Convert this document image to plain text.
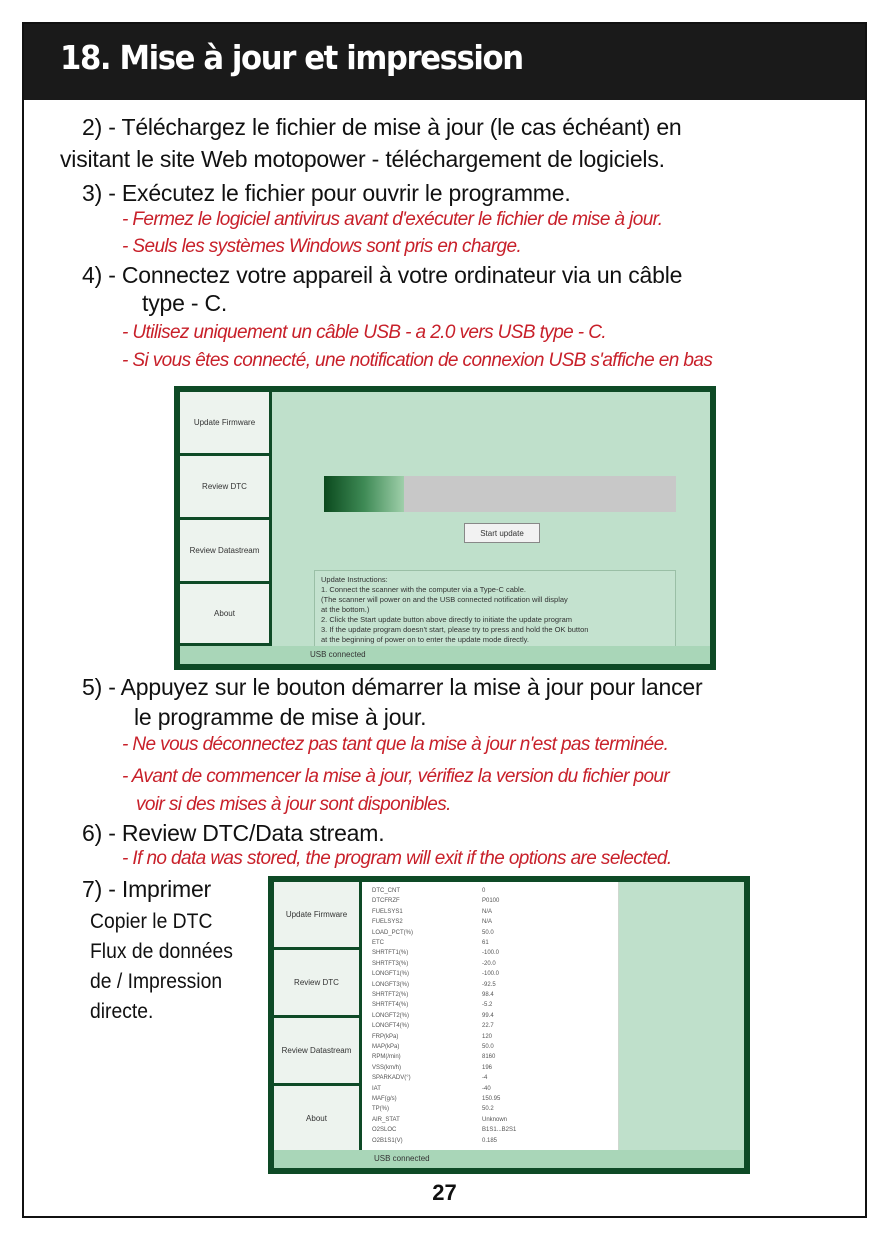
18. Mise à jour et impression
2) - Téléchargez le fichier de mise à jour (le cas échéant) en
visitant le site Web motopower - téléchargement de logiciels.
3) - Exécutez le fichier pour ouvrir le programme.
- Fermez le logiciel antivirus avant d'exécuter le fichier de mise à jour.
- Seuls les systèmes Windows sont pris en charge.
4) - Connectez votre appareil à votre ordinateur via un câble
type - C.
- Utilisez uniquement un câble USB - a 2.0 vers USB type - C.
- Si vous êtes connecté, une notification de connexion USB s'affiche en bas
Update Firmware
Review DTC
Review Datastream
About
Start update
Update Instructions:
1. Connect the scanner with the computer via a Type-C cable.
(The scanner will power on and the USB connected notification will display
at the bottom.)
2. Click the Start update button above directly to initiate the update program
3. If the update program doesn't start, please try to press and hold the OK button
at the beginning of power on to enter the update mode directly.
USB connected
5) - Appuyez sur le bouton démarrer la mise à jour pour lancer
le programme de mise à jour.
- Ne vous déconnectez pas tant que la mise à jour n'est pas terminée.
- Avant de commencer la mise à jour, vérifiez la version du fichier pour
voir si des mises à jour sont disponibles.
6) - Review DTC/Data stream.
- If no data was stored, the program will exit if the options are selected.
7) - Imprimer
Copier le DTC
Flux de données
de / Impression
directe.
Update Firmware
Review DTC
Review Datastream
About
DTC_CNT	0
DTCFRZF	P0100
FUELSYS1	N/A
FUELSYS2	N/A
LOAD_PCT(%)	50.0
ETC	61
SHRTFT1(%)	-100.0
SHRTFT3(%)	-20.0
LONGFT1(%)	-100.0
LONGFT3(%)	-92.5
SHRTFT2(%)	98.4
SHRTFT4(%)	-5.2
LONGFT2(%)	99.4
LONGFT4(%)	22.7
FRP(kPa)	120
MAP(kPa)	50.0
RPM(/min)	8160
VSS(km/h)	196
SPARKADV(°)	-4
IAT	-40
MAF(g/s)	150.95
TP(%)	50.2
AIR_STAT	Unknown
O2SLOC	B1S1...B2S1
O2B1S1(V)	0.185
USB connected
27
